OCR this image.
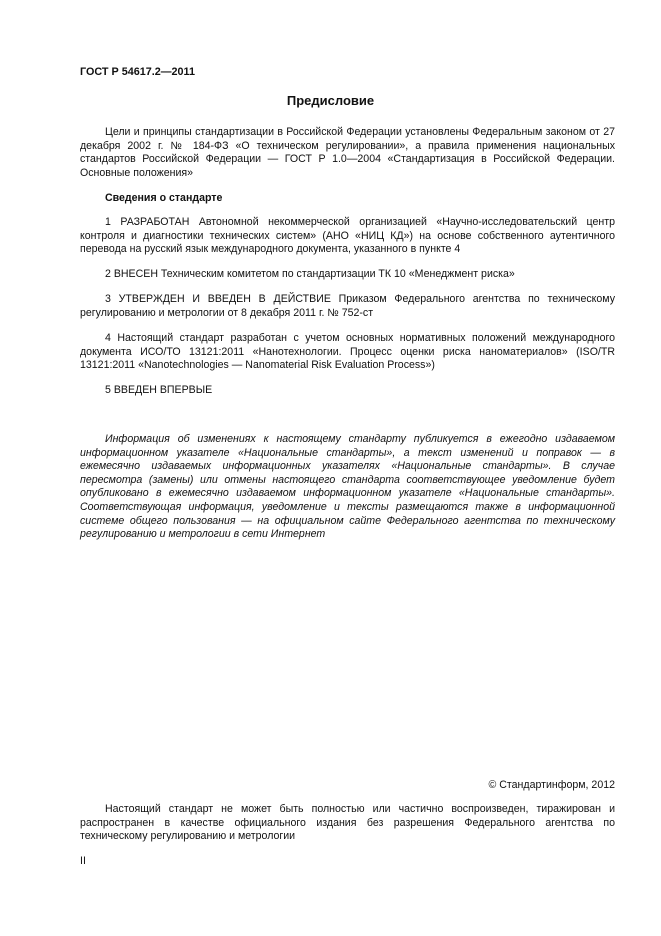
ГОСТ Р 54617.2—2011
Предисловие
Цели и принципы стандартизации в Российской Федерации установлены Федеральным законом от 27 декабря 2002 г. № 184-ФЗ «О техническом регулировании», а правила применения национальных стандартов Российской Федерации — ГОСТ Р 1.0—2004 «Стандартизация в Российской Федерации. Основные положения»
Сведения о стандарте
1 РАЗРАБОТАН Автономной некоммерческой организацией «Научно-исследовательский центр контроля и диагностики технических систем» (АНО «НИЦ КД») на основе собственного аутентичного перевода на русский язык международного документа, указанного в пункте 4
2 ВНЕСЕН Техническим комитетом по стандартизации ТК 10 «Менеджмент риска»
3 УТВЕРЖДЕН И ВВЕДЕН В ДЕЙСТВИЕ Приказом Федерального агентства по техническому регулированию и метрологии от 8 декабря 2011 г. № 752-ст
4 Настоящий стандарт разработан с учетом основных нормативных положений международного документа ИСО/ТО 13121:2011 «Нанотехнологии. Процесс оценки риска наноматериалов» (ISO/TR 13121:2011 «Nanotechnologies — Nanomaterial Risk Evaluation Process»)
5 ВВЕДЕН ВПЕРВЫЕ
Информация об изменениях к настоящему стандарту публикуется в ежегодно издаваемом информационном указателе «Национальные стандарты», а текст изменений и поправок — в ежемесячно издаваемых информационных указателях «Национальные стандарты». В случае пересмотра (замены) или отмены настоящего стандарта соответствующее уведомление будет опубликовано в ежемесячно издаваемом информационном указателе «Национальные стандарты». Соответствующая информация, уведомление и тексты размещаются также в информационной системе общего пользования — на официальном сайте Федерального агентства по техническому регулированию и метрологии в сети Интернет
© Стандартинформ, 2012
Настоящий стандарт не может быть полностью или частично воспроизведен, тиражирован и распространен в качестве официального издания без разрешения Федерального агентства по техническому регулированию и метрологии
II
